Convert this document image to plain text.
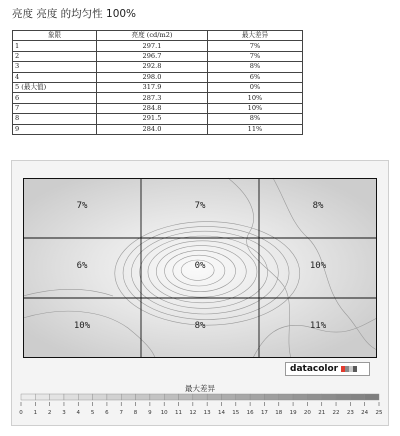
亮度 亮度 的均匀性 100%
象限	亮度 (cd/m2)	最大差异
1	297.1	7%
2	296.7	7%
3	292.8	8%
4	298.0	6%
5 (最大值)	317.9	0%
6	287.3	10%
7	284.8	10%
8	291.5	8%
9	284.0	11%
7%	7%	8%
6%	0%	10%
10%	8%	11%
datacolor
最大差异
0 1 2 3 4 5 6 7 8 9 10 11 12 13 14 15 16 17 18 19 20 21 22 23 24 25
